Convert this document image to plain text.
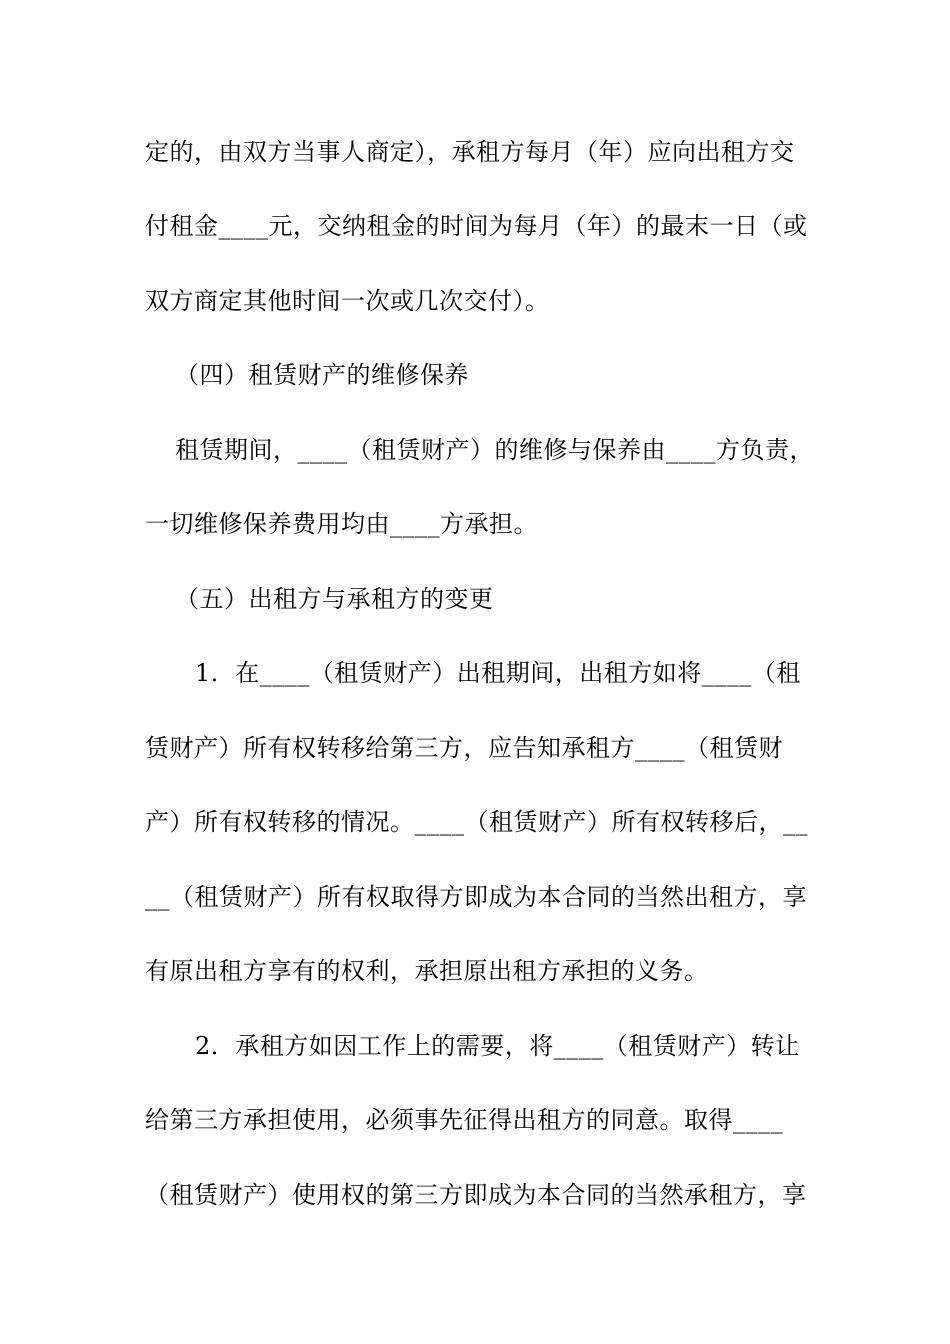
定的，由双方当事人商定），承租方每月（年）应向出租方交
付租金____元，交纳租金的时间为每月（年）的最末一日（或
双方商定其他时间一次或几次交付）。
（四）租赁财产的维修保养
租赁期间，____（租赁财产）的维修与保养由____方负责，
一切维修保养费用均由____方承担。
（五）出租方与承租方的变更
1．在____（租赁财产）出租期间，出租方如将____（租
赁财产）所有权转移给第三方，应告知承租方____（租赁财
产）所有权转移的情况。____（租赁财产）所有权转移后，__
__（租赁财产）所有权取得方即成为本合同的当然出租方，享
有原出租方享有的权利，承担原出租方承担的义务。
2．承租方如因工作上的需要，将____（租赁财产）转让
给第三方承担使用，必须事先征得出租方的同意。取得____
（租赁财产）使用权的第三方即成为本合同的当然承租方，享
